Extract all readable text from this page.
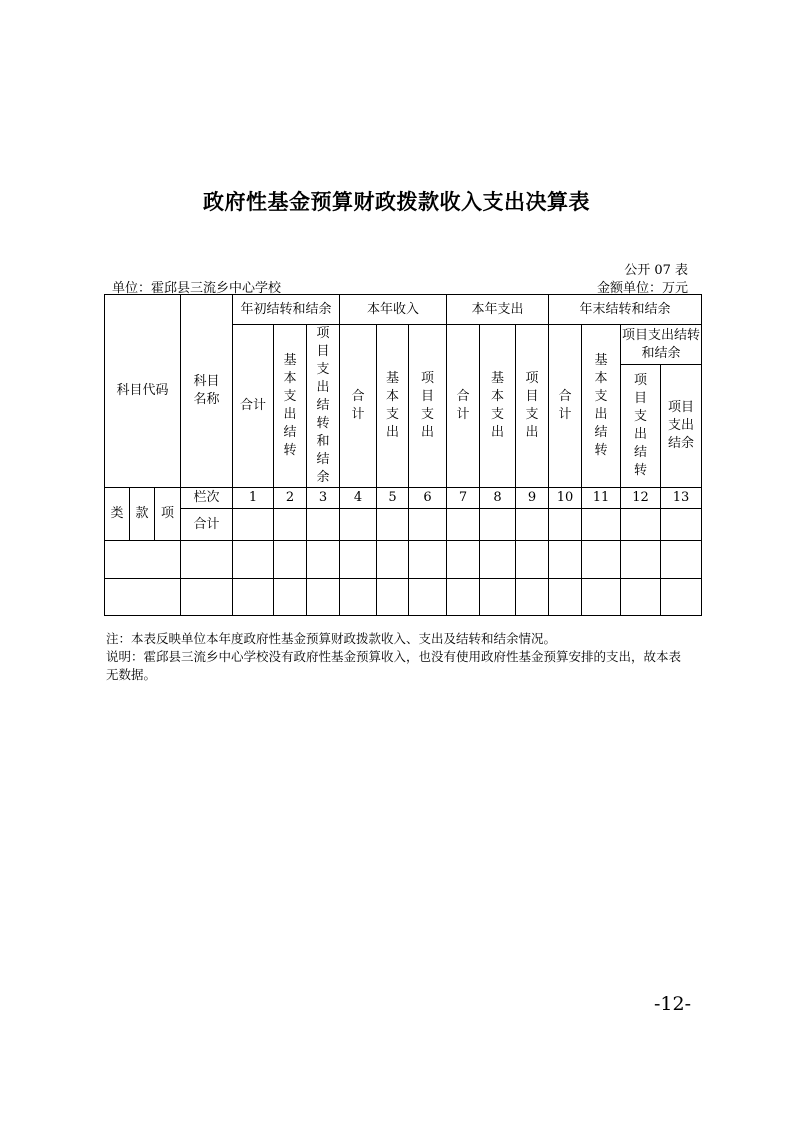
政府性基金预算财政拨款收入支出决算表
公开 07 表
单位：霍邱县三流乡中心学校	金额单位：万元
科目代码			科目名称	年初结转和结余			本年收入			本年支出			年末结转和结余			
				合计	基本支出结转	项目支出结转和结余	合计	基本支出	项目支出	合计	基本支出	项目支出	合计	基本支出结转	项目支出结转和结余	
															项目支出结转	项目支出结余

类	款	项	栏次	1	2	3	4	5	6	7	8	9	10	11	12	13
			合计													

注：本表反映单位本年度政府性基金预算财政拨款收入、支出及结转和结余情况。

说明：霍邱县三流乡中心学校没有政府性基金预算收入，也没有使用政府性基金预算安排的支出，故本表无数据。

-12-
